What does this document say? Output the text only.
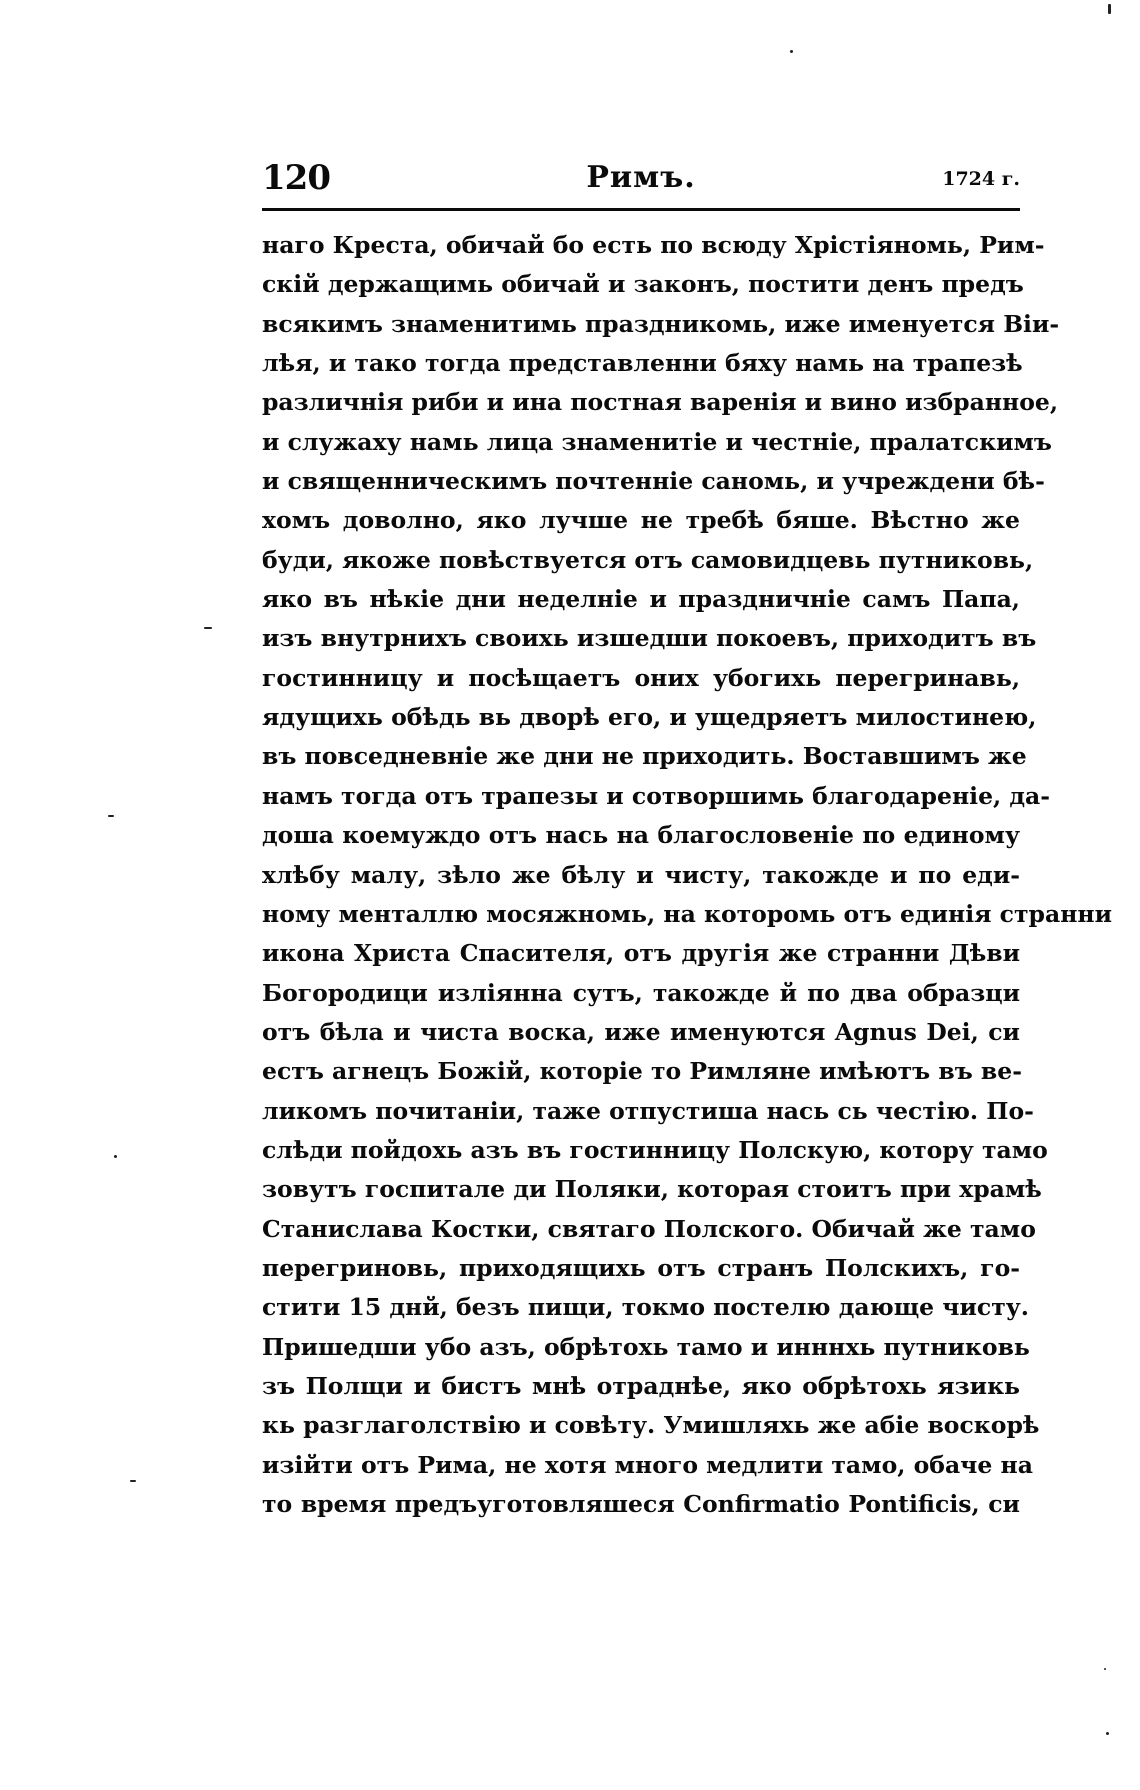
120	Римъ.	1724 г.
наго Креста, обичай бо есть по всюду Хрістіяномь, Рим-
скій держащимь обичай и законъ, постити денъ предъ
всякимъ знаменитимь праздникомь, иже именуется Віи-
лѣя, и тако тогда представленни бяху намь на трапезѣ
различнія риби и ина постная варенія и вино избранное,
и служаху намь лица знаменитіе и честніе, пралатскимъ
и священническимъ почтенніе саномь, и учреждени бѣ-
хомъ доволно, яко лучше не требѣ бяше. Вѣстно же
буди, якоже повѣствуется отъ самовидцевь путниковь,
яко въ нѣкіе дни неделніе и праздничніе самъ Папа,
изъ внутрнихъ своихь изшедши покоевъ, приходитъ въ
гостинницу и посѣщаетъ оних убогихь перегринавь,
ядущихь обѣдь вь дворѣ его, и ущедряетъ милостинею,
въ повседневніе же дни не приходить. Воставшимъ же
намъ тогда отъ трапезы и сотворшимь благодареніе, да-
доша коемуждо отъ нась на благословеніе по единому
хлѣбу малу, зѣло же бѣлу и чисту, такожде и по еди-
ному менталлю мосяжномь, на которомь отъ единія странни
икона Христа Спасителя, отъ другія же странни Дѣви
Богородици изліянна сутъ, такожде й по два образци
отъ бѣла и чиста воска, иже именуются Agnus Dei, си
естъ агнецъ Божій, которіе то Римляне имѣютъ въ ве-
ликомъ почитаніи, таже отпустиша нась сь честію. По-
слѣди пойдохь азъ въ гостинницу Полскую, котору тамо
зовутъ госпитале ди Поляки, которая стоитъ при храмѣ
Станислава Костки, святаго Полского. Обичай же тамо
перегриновь, приходящихь отъ странъ Полскихъ, го-
стити 15 днй, безъ пищи, токмо постелю дающе чисту.
Пришедши убо азъ, обрѣтохь тамо и инннхь путниковь
зъ Полщи и бистъ мнѣ отраднѣе, яко обрѣтохь язикь
кь разглаголствію и совѣту. Умишляхь же абіе воскорѣ
изійти отъ Рима, не хотя много медлити тамо, обаче на
то время предъуготовляшеся Confirmatio Pontificis, си
